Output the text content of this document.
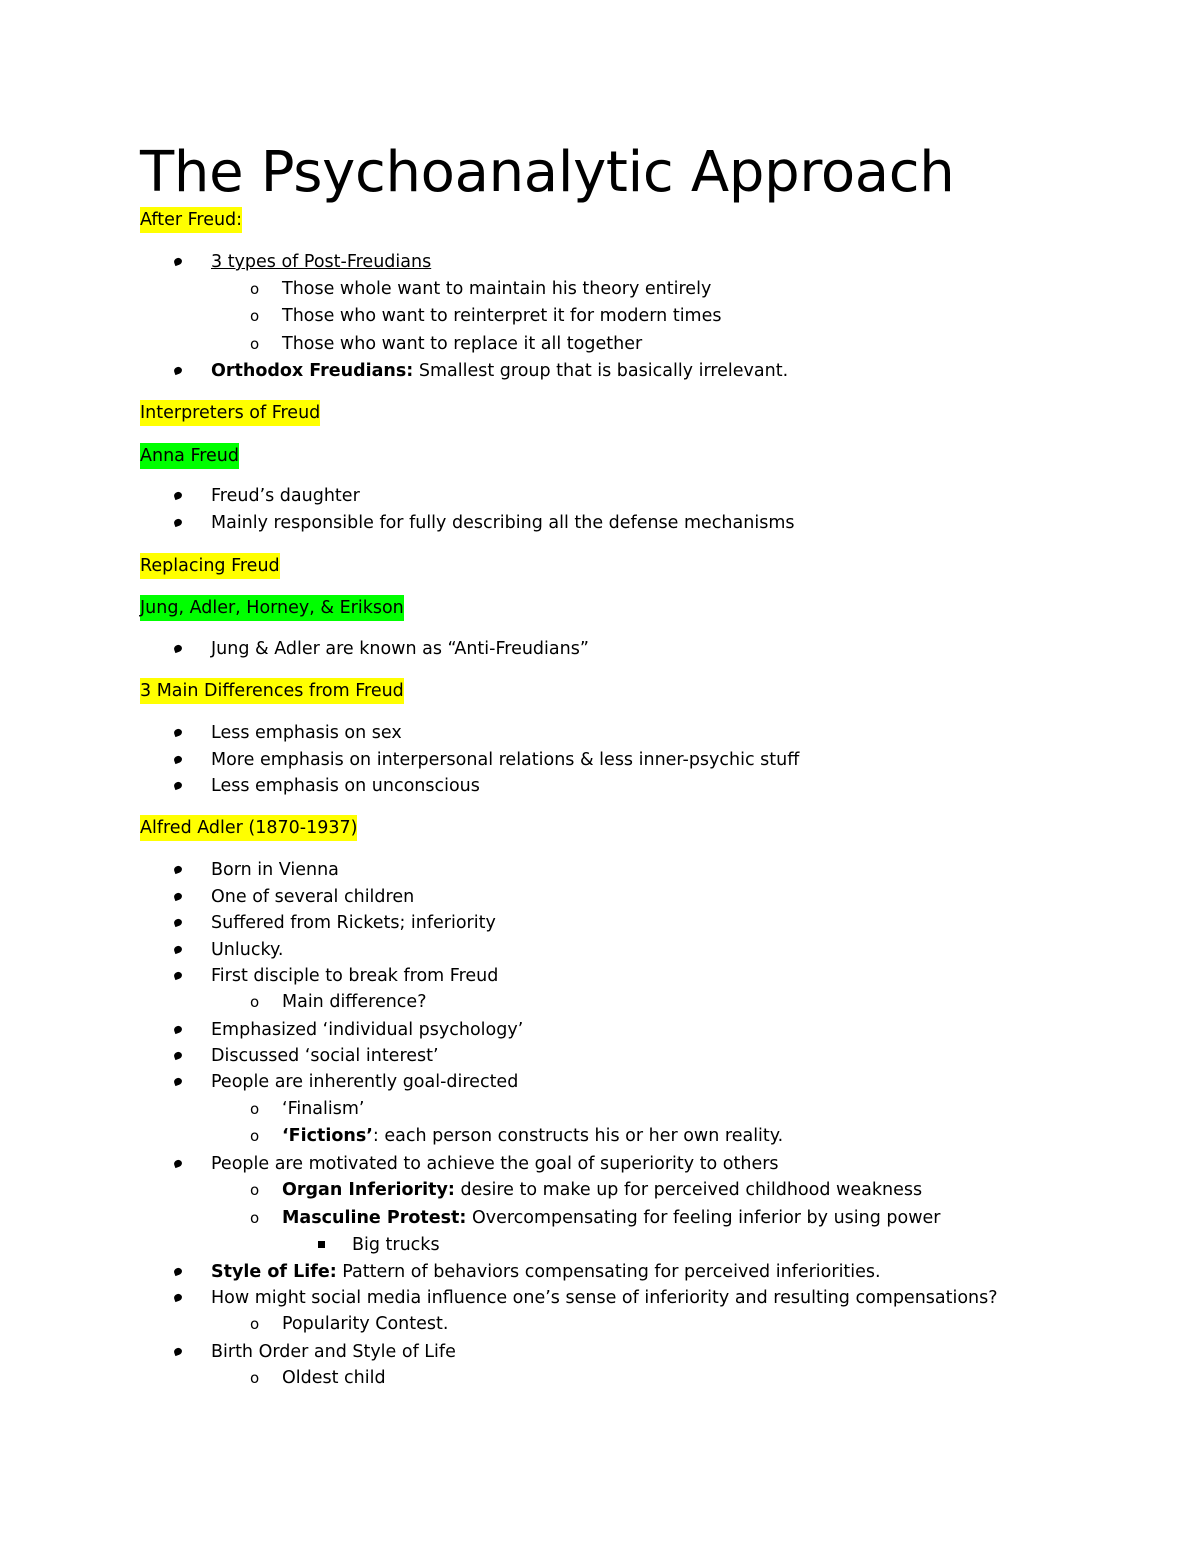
The Psychoanalytic Approach
After Freud:
3 types of Post-Freudians
o Those whole want to maintain his theory entirely
o Those who want to reinterpret it for modern times
o Those who want to replace it all together
Orthodox Freudians: Smallest group that is basically irrelevant.
Interpreters of Freud
Anna Freud
Freud’s daughter
Mainly responsible for fully describing all the defense mechanisms
Replacing Freud
Jung, Adler, Horney, & Erikson
Jung & Adler are known as “Anti-Freudians”
3 Main Differences from Freud
Less emphasis on sex
More emphasis on interpersonal relations & less inner-psychic stuff
Less emphasis on unconscious
Alfred Adler (1870-1937)
Born in Vienna
One of several children
Suffered from Rickets; inferiority
Unlucky.
First disciple to break from Freud
o Main difference?
Emphasized ‘individual psychology’
Discussed ‘social interest’
People are inherently goal-directed
o ‘Finalism’
o ‘Fictions’: each person constructs his or her own reality.
People are motivated to achieve the goal of superiority to others
o Organ Inferiority: desire to make up for perceived childhood weakness
o Masculine Protest: Overcompensating for feeling inferior by using power
Big trucks
Style of Life: Pattern of behaviors compensating for perceived inferiorities.
How might social media influence one’s sense of inferiority and resulting compensations?
o Popularity Contest.
Birth Order and Style of Life
o Oldest child
